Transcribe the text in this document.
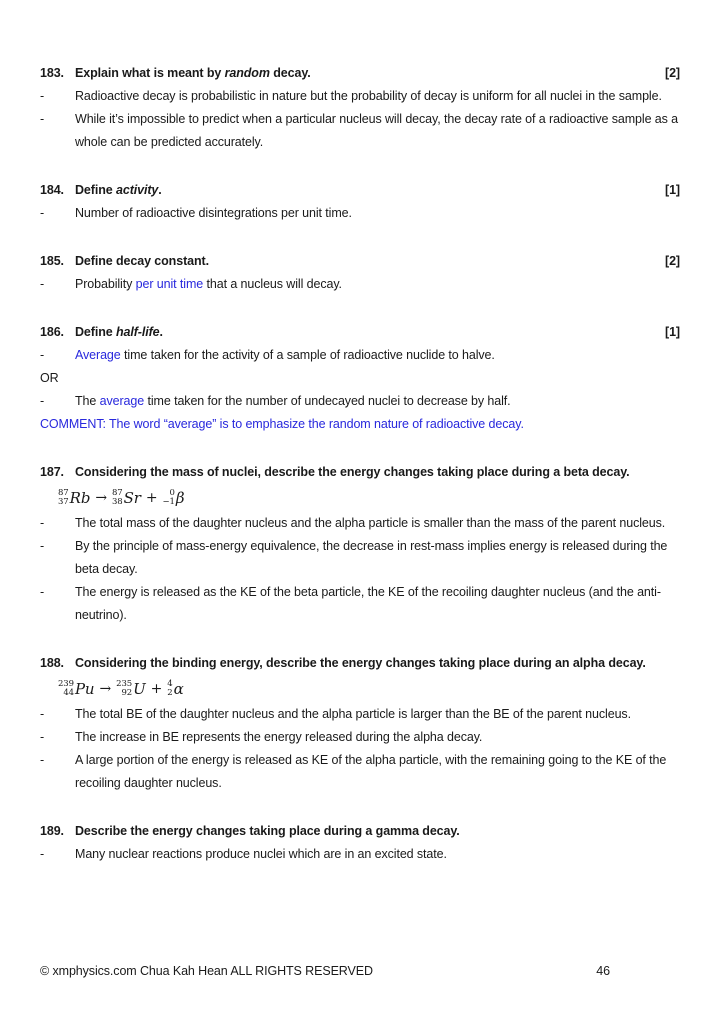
183. Explain what is meant by random decay.	[2]
-	Radioactive decay is probabilistic in nature but the probability of decay is uniform for all nuclei in the sample.
-	While it’s impossible to predict when a particular nucleus will decay, the decay rate of a radioactive sample as a whole can be predicted accurately.
184. Define activity.	[1]
-	Number of radioactive disintegrations per unit time.
185. Define decay constant.	[2]
-	Probability per unit time that a nucleus will decay.
186. Define half-life.	[1]
-	Average time taken for the activity of a sample of radioactive nuclide to halve.
OR
-	The average time taken for the number of undecayed nuclei to decrease by half.
COMMENT: The word “average” is to emphasize the random nature of radioactive decay.
187. Considering the mass of nuclei, describe the energy changes taking place during a beta decay.
87
37 Rb → 87
38 Sr + 0
−1 β
-	The total mass of the daughter nucleus and the alpha particle is smaller than the mass of the parent nucleus.
-	By the principle of mass-energy equivalence, the decrease in rest-mass implies energy is released during the beta decay.
-	The energy is released as the KE of the beta particle, the KE of the recoiling daughter nucleus (and the anti-neutrino).
188. Considering the binding energy, describe the energy changes taking place during an alpha decay.
239
44 Pu → 235
92 U + 4
2 α
-	The total BE of the daughter nucleus and the alpha particle is larger than the BE of the parent nucleus.
-	The increase in BE represents the energy released during the alpha decay.
-	A large portion of the energy is released as KE of the alpha particle, with the remaining going to the KE of the recoiling daughter nucleus.
189. Describe the energy changes taking place during a gamma decay.
-	Many nuclear reactions produce nuclei which are in an excited state.
© xmphysics.com Chua Kah Hean ALL RIGHTS RESERVED	46
